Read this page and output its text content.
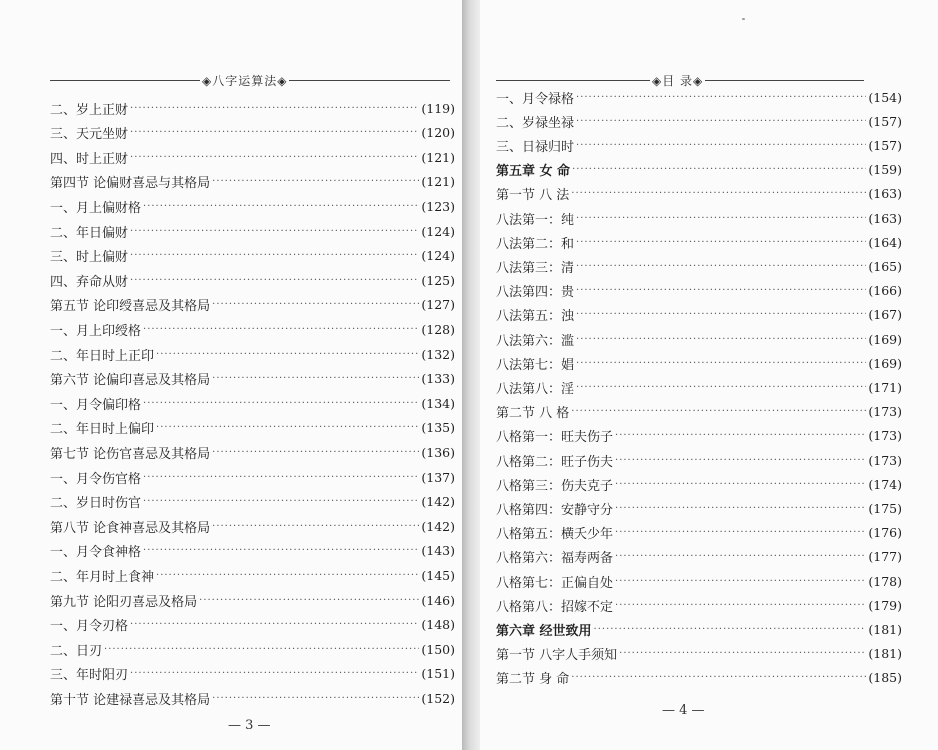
◈八字运算法◈
二、岁上正财 ·····	(119)
三、天元坐财 ·····	(120)
四、时上正财 ·····	(121)
第四节 论偏财喜忌与其格局 ·····	(121)
一、月上偏财格 ·····	(123)
二、年日偏财 ·····	(124)
三、时上偏财 ·····	(124)
四、弃命从财 ·····	(125)
第五节 论印绶喜忌及其格局 ·····	(127)
一、月上印绶格 ·····	(128)
二、年日时上正印 ·····	(132)
第六节 论偏印喜忌及其格局 ·····	(133)
一、月令偏印格 ·····	(134)
二、年日时上偏印 ·····	(135)
第七节 论伤官喜忌及其格局 ·····	(136)
一、月令伤官格 ·····	(137)
二、岁日时伤官 ·····	(142)
第八节 论食神喜忌及其格局 ·····	(142)
一、月令食神格 ·····	(143)
二、年月时上食神 ·····	(145)
第九节 论阳刃喜忌及格局 ·····	(146)
一、月令刃格 ·····	(148)
二、日刃 ·····	(150)
三、年时阳刃 ·····	(151)
第十节 论建禄喜忌及其格局 ·····	(152)
— 3 —
◈目 录◈
一、月令禄格 ·····	(154)
二、岁禄坐禄 ·····	(157)
三、日禄归时 ·····	(157)
第五章 女 命 ·····	(159)
第一节 八 法 ·····	(163)
八法第一：纯 ·····	(163)
八法第二：和 ·····	(164)
八法第三：清 ·····	(165)
八法第四：贵 ·····	(166)
八法第五：浊 ·····	(167)
八法第六：滥 ·····	(169)
八法第七：娼 ·····	(169)
八法第八：淫 ·····	(171)
第二节 八 格 ·····	(173)
八格第一：旺夫伤子 ·····	(173)
八格第二：旺子伤夫 ·····	(173)
八格第三：伤夫克子 ·····	(174)
八格第四：安静守分 ·····	(175)
八格第五：横夭少年 ·····	(176)
八格第六：福寿两备 ·····	(177)
八格第七：正偏自处 ·····	(178)
八格第八：招嫁不定 ·····	(179)
第六章 经世致用 ·····	(181)
第一节 八字人手须知 ·····	(181)
第二节 身 命 ·····	(185)
— 4 —
